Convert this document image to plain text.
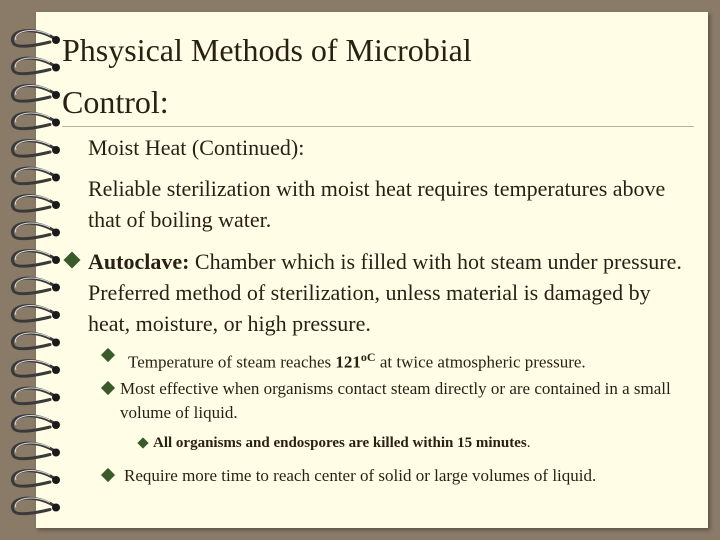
Phsysical Methods of Microbial
Control:
Moist Heat (Continued):
Reliable sterilization with moist heat requires temperatures above that of boiling water.
Autoclave: Chamber which is filled with hot steam under pressure. Preferred method of sterilization, unless material is damaged by heat, moisture, or high pressure.
Temperature of steam reaches $121^{oC}$ at twice atmospheric pressure.
Most effective when organisms contact steam directly or are contained in a small volume of liquid.
All organisms and endospores are killed within 15 minutes.
Require more time to reach center of solid or large volumes of liquid.
